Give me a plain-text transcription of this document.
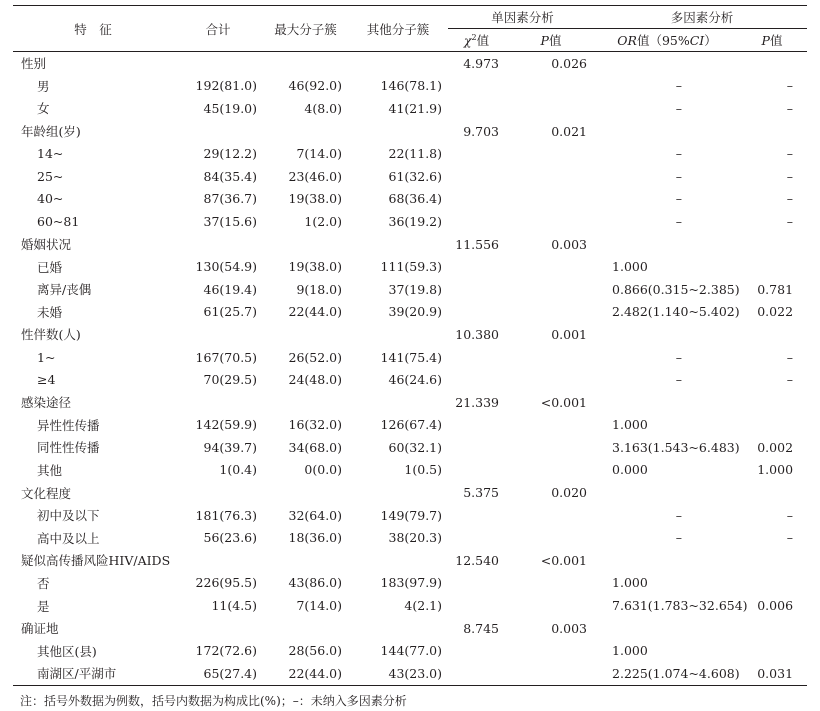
特　征	合计	最大分子簇	其他分子簇	单因素分析		多因素分析	
				$\chi^2$值	P值	OR值（95%CI）	P值
性别				4.973	0.026		
男	192(81.0)	46(92.0)	146(78.1)			–	–
女	45(19.0)	4(8.0)	41(21.9)			–	–
年龄组(岁)				9.703	0.021		
14~	29(12.2)	7(14.0)	22(11.8)			–	–
25~	84(35.4)	23(46.0)	61(32.6)			–	–
40~	87(36.7)	19(38.0)	68(36.4)			–	–
60~81	37(15.6)	1(2.0)	36(19.2)			–	–
婚姻状况				11.556	0.003		
已婚	130(54.9)	19(38.0)	111(59.3)			1.000	
离异/丧偶	46(19.4)	9(18.0)	37(19.8)			0.866(0.315~2.385)	0.781
未婚	61(25.7)	22(44.0)	39(20.9)			2.482(1.140~5.402)	0.022
性伴数(人)				10.380	0.001		
1~	167(70.5)	26(52.0)	141(75.4)			–	–
≥4	70(29.5)	24(48.0)	46(24.6)			–	–
感染途径				21.339	<0.001		
异性性传播	142(59.9)	16(32.0)	126(67.4)			1.000	
同性性传播	94(39.7)	34(68.0)	60(32.1)			3.163(1.543~6.483)	0.002
其他	1(0.4)	0(0.0)	1(0.5)			0.000	1.000
文化程度				5.375	0.020		
初中及以下	181(76.3)	32(64.0)	149(79.7)			–	–
高中及以上	56(23.6)	18(36.0)	38(20.3)			–	–
疑似高传播风险HIV/AIDS				12.540	<0.001		
否	226(95.5)	43(86.0)	183(97.9)			1.000	
是	11(4.5)	7(14.0)	4(2.1)			7.631(1.783~32.654)	0.006
确证地				8.745	0.003		
其他区(县)	172(72.6)	28(56.0)	144(77.0)			1.000	
南湖区/平湖市	65(27.4)	22(44.0)	43(23.0)			2.225(1.074~4.608)	0.031
注：括号外数据为例数，括号内数据为构成比(%)；–：未纳入多因素分析
